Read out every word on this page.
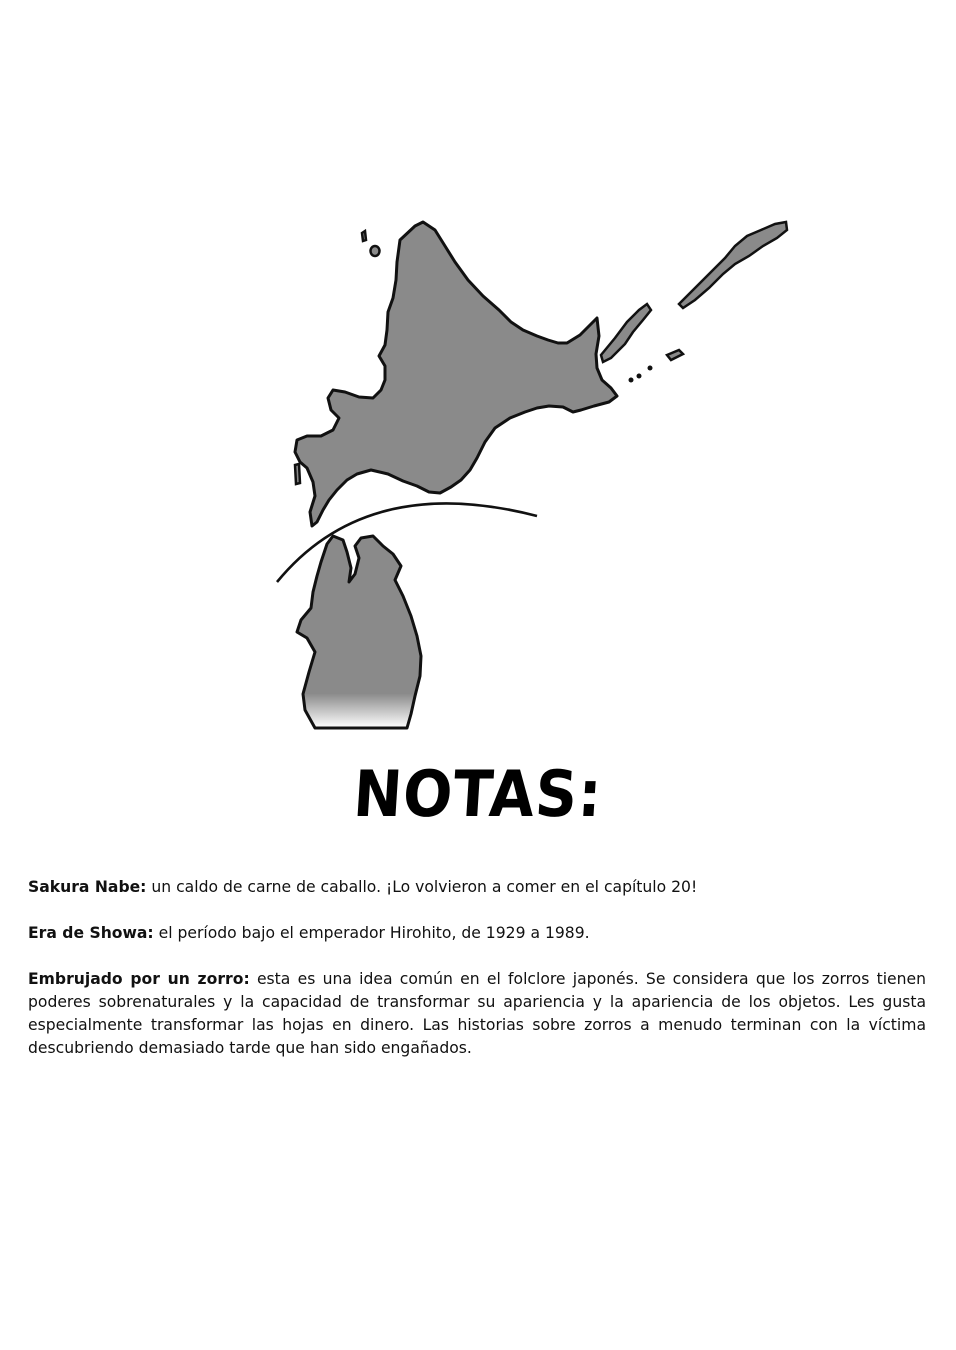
NOTAS:

Sakura Nabe: un caldo de carne de caballo. ¡Lo volvieron a comer en el capítulo 20!

Era de Showa: el período bajo el emperador Hirohito, de 1929 a 1989.

Embrujado por un zorro: esta es una idea común en el folclore japonés. Se considera que los zorros tienen poderes sobrenaturales y la capacidad de transformar su apariencia y la apariencia de los objetos. Les gusta especialmente transformar las hojas en dinero. Las historias sobre zorros a menudo terminan con la víctima descubriendo demasiado tarde que han sido engañados.
